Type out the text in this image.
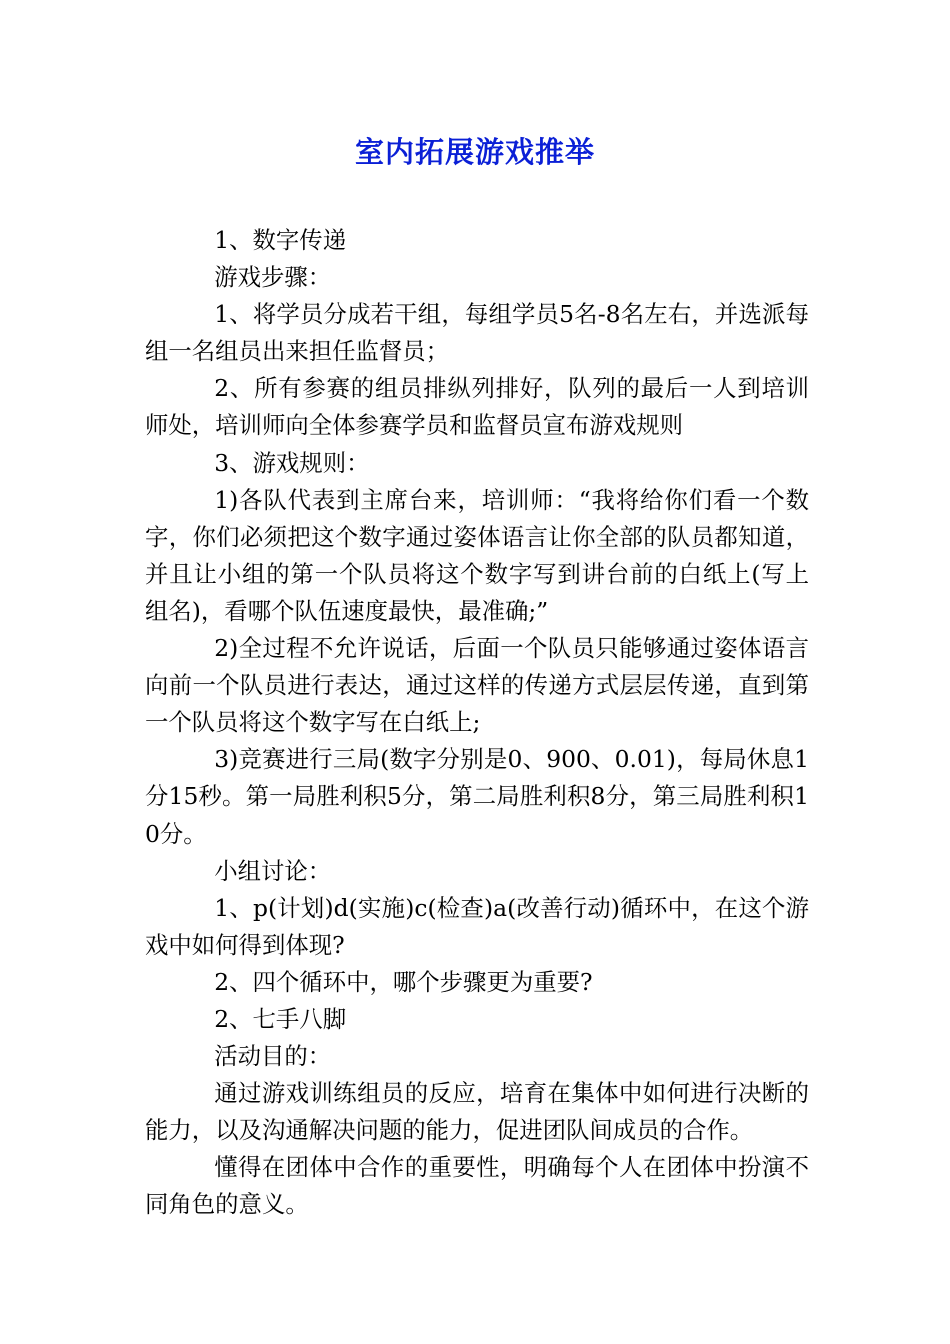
室内拓展游戏推举

1、数字传递

游戏步骤：

1、将学员分成若干组，每组学员5名-8名左右，并选派每组一名组员出来担任监督员；

2、所有参赛的组员排纵列排好，队列的最后一人到培训师处，培训师向全体参赛学员和监督员宣布游戏规则

3、游戏规则：

1)各队代表到主席台来，培训师：“我将给你们看一个数字，你们必须把这个数字通过姿体语言让你全部的队员都知道，并且让小组的第一个队员将这个数字写到讲台前的白纸上(写上组名)，看哪个队伍速度最快，最准确;”

2)全过程不允许说话，后面一个队员只能够通过姿体语言向前一个队员进行表达，通过这样的传递方式层层传递，直到第一个队员将这个数字写在白纸上;

3)竞赛进行三局(数字分别是0、900、0.01)，每局休息1分15秒。第一局胜利积5分，第二局胜利积8分，第三局胜利积10分。

小组讨论：

1、p(计划)d(实施)c(检查)a(改善行动)循环中，在这个游戏中如何得到体现?

2、四个循环中，哪个步骤更为重要?

2、七手八脚

活动目的：

通过游戏训练组员的反应，培育在集体中如何进行决断的能力，以及沟通解决问题的能力，促进团队间成员的合作。

懂得在团体中合作的重要性，明确每个人在团体中扮演不同角色的意义。
